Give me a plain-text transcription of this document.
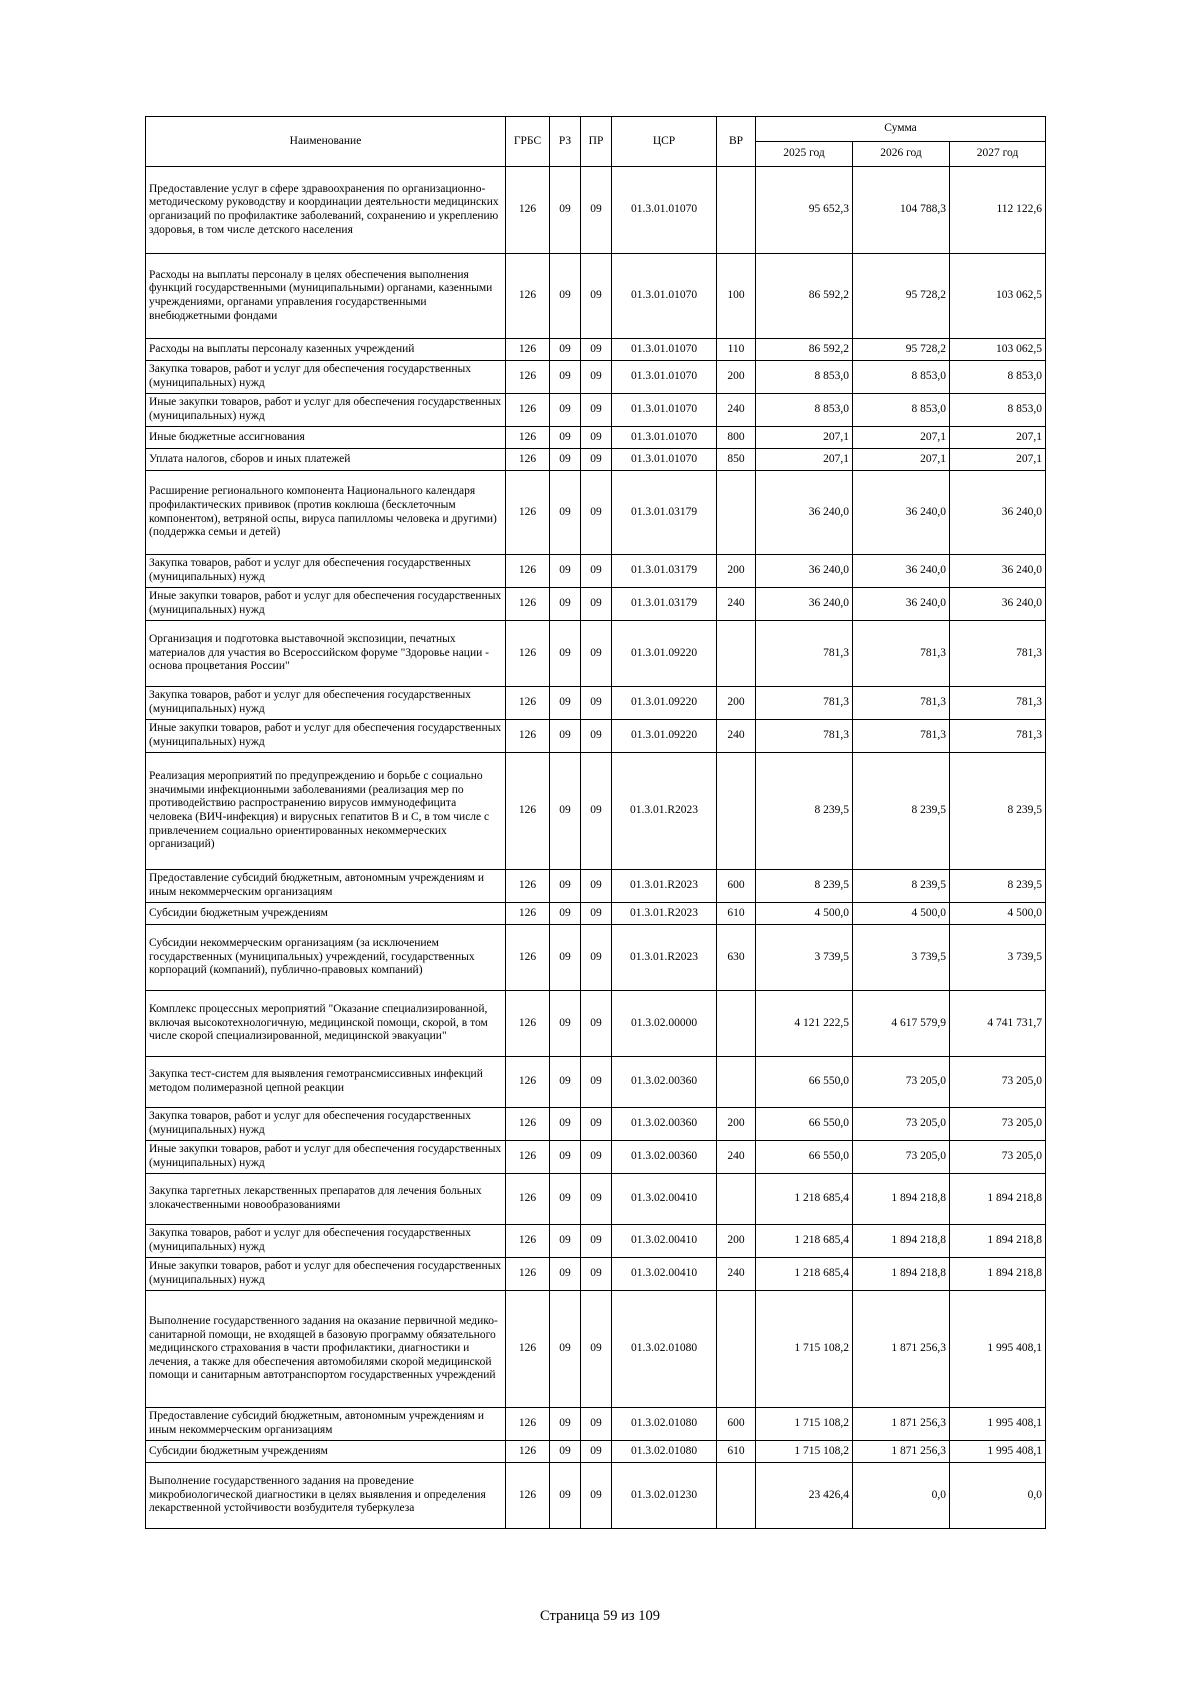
Наименование	ГРБС	РЗ	ПР	ЦСР	ВР	Сумма		
						2025 год	2026 год	2027 год
Предоставление услуг в сфере здравоохранения по организационно-методическому руководству и координации деятельности медицинских организаций по профилактике заболеваний, сохранению и укреплению здоровья, в том числе детского населения	126	09	09	01.3.01.01070		95 652,3	104 788,3	112 122,6
Расходы на выплаты персоналу в целях обеспечения выполнения функций государственными (муниципальными) органами, казенными учреждениями, органами управления государственными внебюджетными фондами	126	09	09	01.3.01.01070	100	86 592,2	95 728,2	103 062,5
Расходы на выплаты персоналу казенных учреждений	126	09	09	01.3.01.01070	110	86 592,2	95 728,2	103 062,5
Закупка товаров, работ и услуг для обеспечения государственных (муниципальных) нужд	126	09	09	01.3.01.01070	200	8 853,0	8 853,0	8 853,0
Иные закупки товаров, работ и услуг для обеспечения государственных (муниципальных) нужд	126	09	09	01.3.01.01070	240	8 853,0	8 853,0	8 853,0
Иные бюджетные ассигнования	126	09	09	01.3.01.01070	800	207,1	207,1	207,1
Уплата налогов, сборов и иных платежей	126	09	09	01.3.01.01070	850	207,1	207,1	207,1
Расширение регионального компонента Национального календаря профилактических прививок (против коклюша (бесклеточным компонентом), ветряной оспы, вируса папилломы человека и другими) (поддержка семьи и детей)	126	09	09	01.3.01.03179		36 240,0	36 240,0	36 240,0
Закупка товаров, работ и услуг для обеспечения государственных (муниципальных) нужд	126	09	09	01.3.01.03179	200	36 240,0	36 240,0	36 240,0
Иные закупки товаров, работ и услуг для обеспечения государственных (муниципальных) нужд	126	09	09	01.3.01.03179	240	36 240,0	36 240,0	36 240,0
Организация и подготовка выставочной экспозиции, печатных материалов для участия во Всероссийском форуме "Здоровье нации - основа процветания России"	126	09	09	01.3.01.09220		781,3	781,3	781,3
Закупка товаров, работ и услуг для обеспечения государственных (муниципальных) нужд	126	09	09	01.3.01.09220	200	781,3	781,3	781,3
Иные закупки товаров, работ и услуг для обеспечения государственных (муниципальных) нужд	126	09	09	01.3.01.09220	240	781,3	781,3	781,3
Реализация мероприятий по предупреждению и борьбе с социально значимыми инфекционными заболеваниями (реализация мер по противодействию распространению вирусов иммунодефицита человека (ВИЧ-инфекция) и вирусных гепатитов В и С, в том числе с привлечением социально ориентированных некоммерческих организаций)	126	09	09	01.3.01.R2023		8 239,5	8 239,5	8 239,5
Предоставление субсидий бюджетным, автономным учреждениям и иным некоммерческим организациям	126	09	09	01.3.01.R2023	600	8 239,5	8 239,5	8 239,5
Субсидии бюджетным учреждениям	126	09	09	01.3.01.R2023	610	4 500,0	4 500,0	4 500,0
Субсидии некоммерческим организациям (за исключением государственных (муниципальных) учреждений, государственных корпораций (компаний), публично-правовых компаний)	126	09	09	01.3.01.R2023	630	3 739,5	3 739,5	3 739,5
Комплекс процессных мероприятий "Оказание специализированной, включая высокотехнологичную, медицинской помощи, скорой, в том числе скорой специализированной, медицинской эвакуации"	126	09	09	01.3.02.00000		4 121 222,5	4 617 579,9	4 741 731,7
Закупка тест-систем для выявления гемотрансмиссивных инфекций методом полимеразной цепной реакции	126	09	09	01.3.02.00360		66 550,0	73 205,0	73 205,0
Закупка товаров, работ и услуг для обеспечения государственных (муниципальных) нужд	126	09	09	01.3.02.00360	200	66 550,0	73 205,0	73 205,0
Иные закупки товаров, работ и услуг для обеспечения государственных (муниципальных) нужд	126	09	09	01.3.02.00360	240	66 550,0	73 205,0	73 205,0
Закупка таргетных лекарственных препаратов для лечения больных злокачественными новообразованиями	126	09	09	01.3.02.00410		1 218 685,4	1 894 218,8	1 894 218,8
Закупка товаров, работ и услуг для обеспечения государственных (муниципальных) нужд	126	09	09	01.3.02.00410	200	1 218 685,4	1 894 218,8	1 894 218,8
Иные закупки товаров, работ и услуг для обеспечения государственных (муниципальных) нужд	126	09	09	01.3.02.00410	240	1 218 685,4	1 894 218,8	1 894 218,8
Выполнение государственного задания на оказание первичной медико-санитарной помощи, не входящей в базовую программу обязательного медицинского страхования в части профилактики, диагностики и лечения, а также для обеспечения автомобилями скорой медицинской помощи и санитарным автотранспортом государственных учреждений	126	09	09	01.3.02.01080		1 715 108,2	1 871 256,3	1 995 408,1
Предоставление субсидий бюджетным, автономным учреждениям и иным некоммерческим организациям	126	09	09	01.3.02.01080	600	1 715 108,2	1 871 256,3	1 995 408,1
Субсидии бюджетным учреждениям	126	09	09	01.3.02.01080	610	1 715 108,2	1 871 256,3	1 995 408,1
Выполнение государственного задания на проведение микробиологической диагностики в целях выявления и определения лекарственной устойчивости возбудителя туберкулеза	126	09	09	01.3.02.01230		23 426,4	0,0	0,0
Страница 59 из 109
